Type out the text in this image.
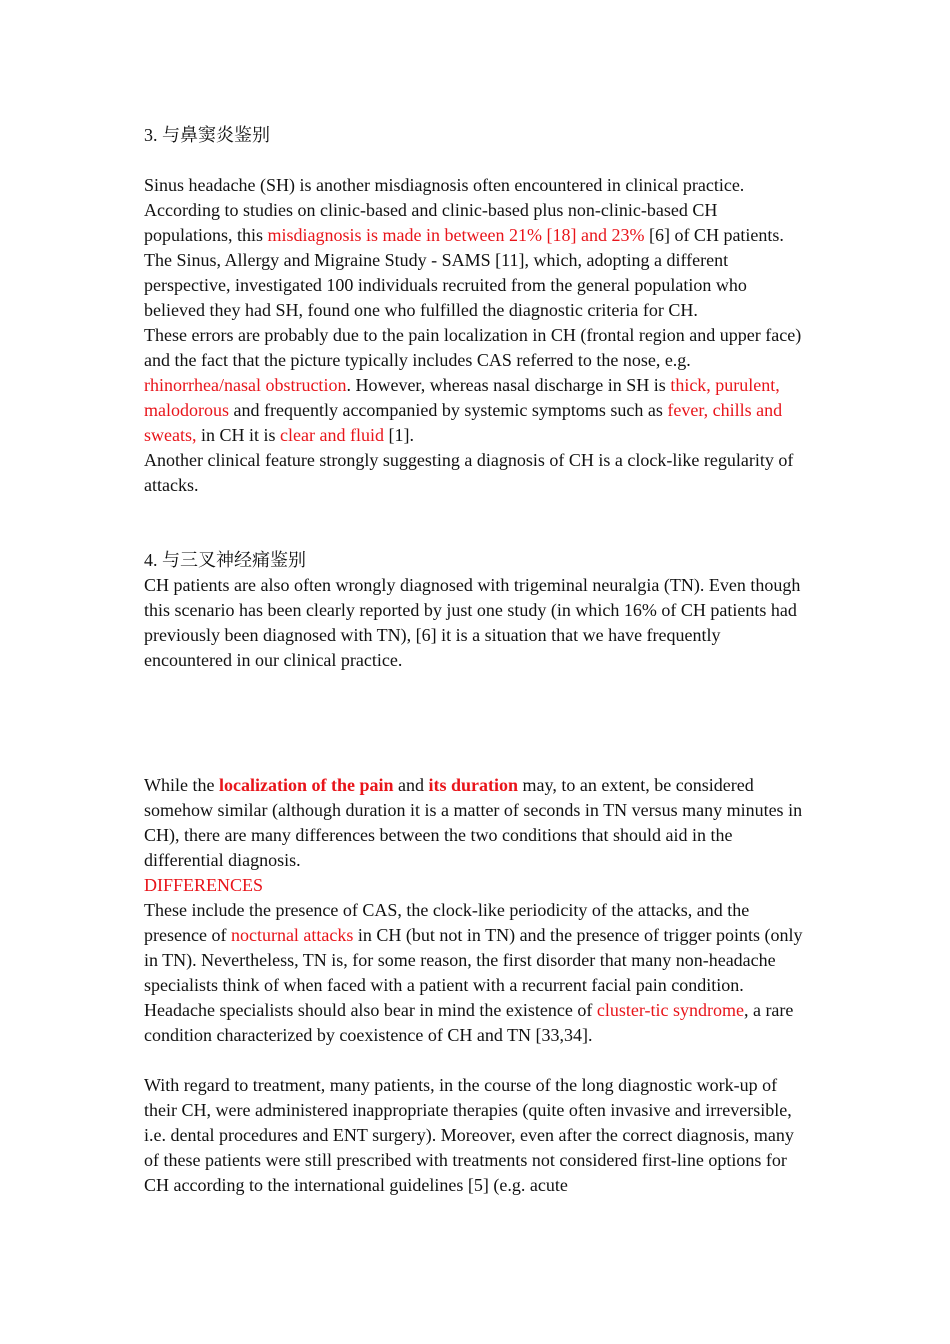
3. 与鼻窦炎鉴别

Sinus headache (SH) is another misdiagnosis often encountered in clinical practice. According to studies on clinic-based and clinic-based plus non-clinic-based CH populations, this misdiagnosis is made in between 21% [18] and 23% [6] of CH patients. The Sinus, Allergy and Migraine Study - SAMS [11], which, adopting a different perspective, investigated 100 individuals recruited from the general population who believed they had SH, found one who fulfilled the diagnostic criteria for CH.

These errors are probably due to the pain localization in CH (frontal region and upper face) and the fact that the picture typically includes CAS referred to the nose, e.g. rhinorrhea/nasal obstruction. However, whereas nasal discharge in SH is thick, purulent, malodorous and frequently accompanied by systemic symptoms such as fever, chills and sweats, in CH it is clear and fluid [1].

Another clinical feature strongly suggesting a diagnosis of CH is a clock-like regularity of attacks.

4. 与三叉神经痛鉴别

CH patients are also often wrongly diagnosed with trigeminal neuralgia (TN). Even though this scenario has been clearly reported by just one study (in which 16% of CH patients had previously been diagnosed with TN), [6] it is a situation that we have frequently encountered in our clinical practice.

While the localization of the pain and its duration may, to an extent, be considered somehow similar (although duration it is a matter of seconds in TN versus many minutes in CH), there are many differences between the two conditions that should aid in the differential diagnosis.

DIFFERENCES

These include the presence of CAS, the clock-like periodicity of the attacks, and the presence of nocturnal attacks in CH (but not in TN) and the presence of trigger points (only in TN). Nevertheless, TN is, for some reason, the first disorder that many non-headache specialists think of when faced with a patient with a recurrent facial pain condition. Headache specialists should also bear in mind the existence of cluster-tic syndrome, a rare condition characterized by coexistence of CH and TN [33,34].

With regard to treatment, many patients, in the course of the long diagnostic work-up of their CH, were administered inappropriate therapies (quite often invasive and irreversible, i.e. dental procedures and ENT surgery). Moreover, even after the correct diagnosis, many of these patients were still prescribed with treatments not considered first-line options for CH according to the international guidelines [5] (e.g. acute
